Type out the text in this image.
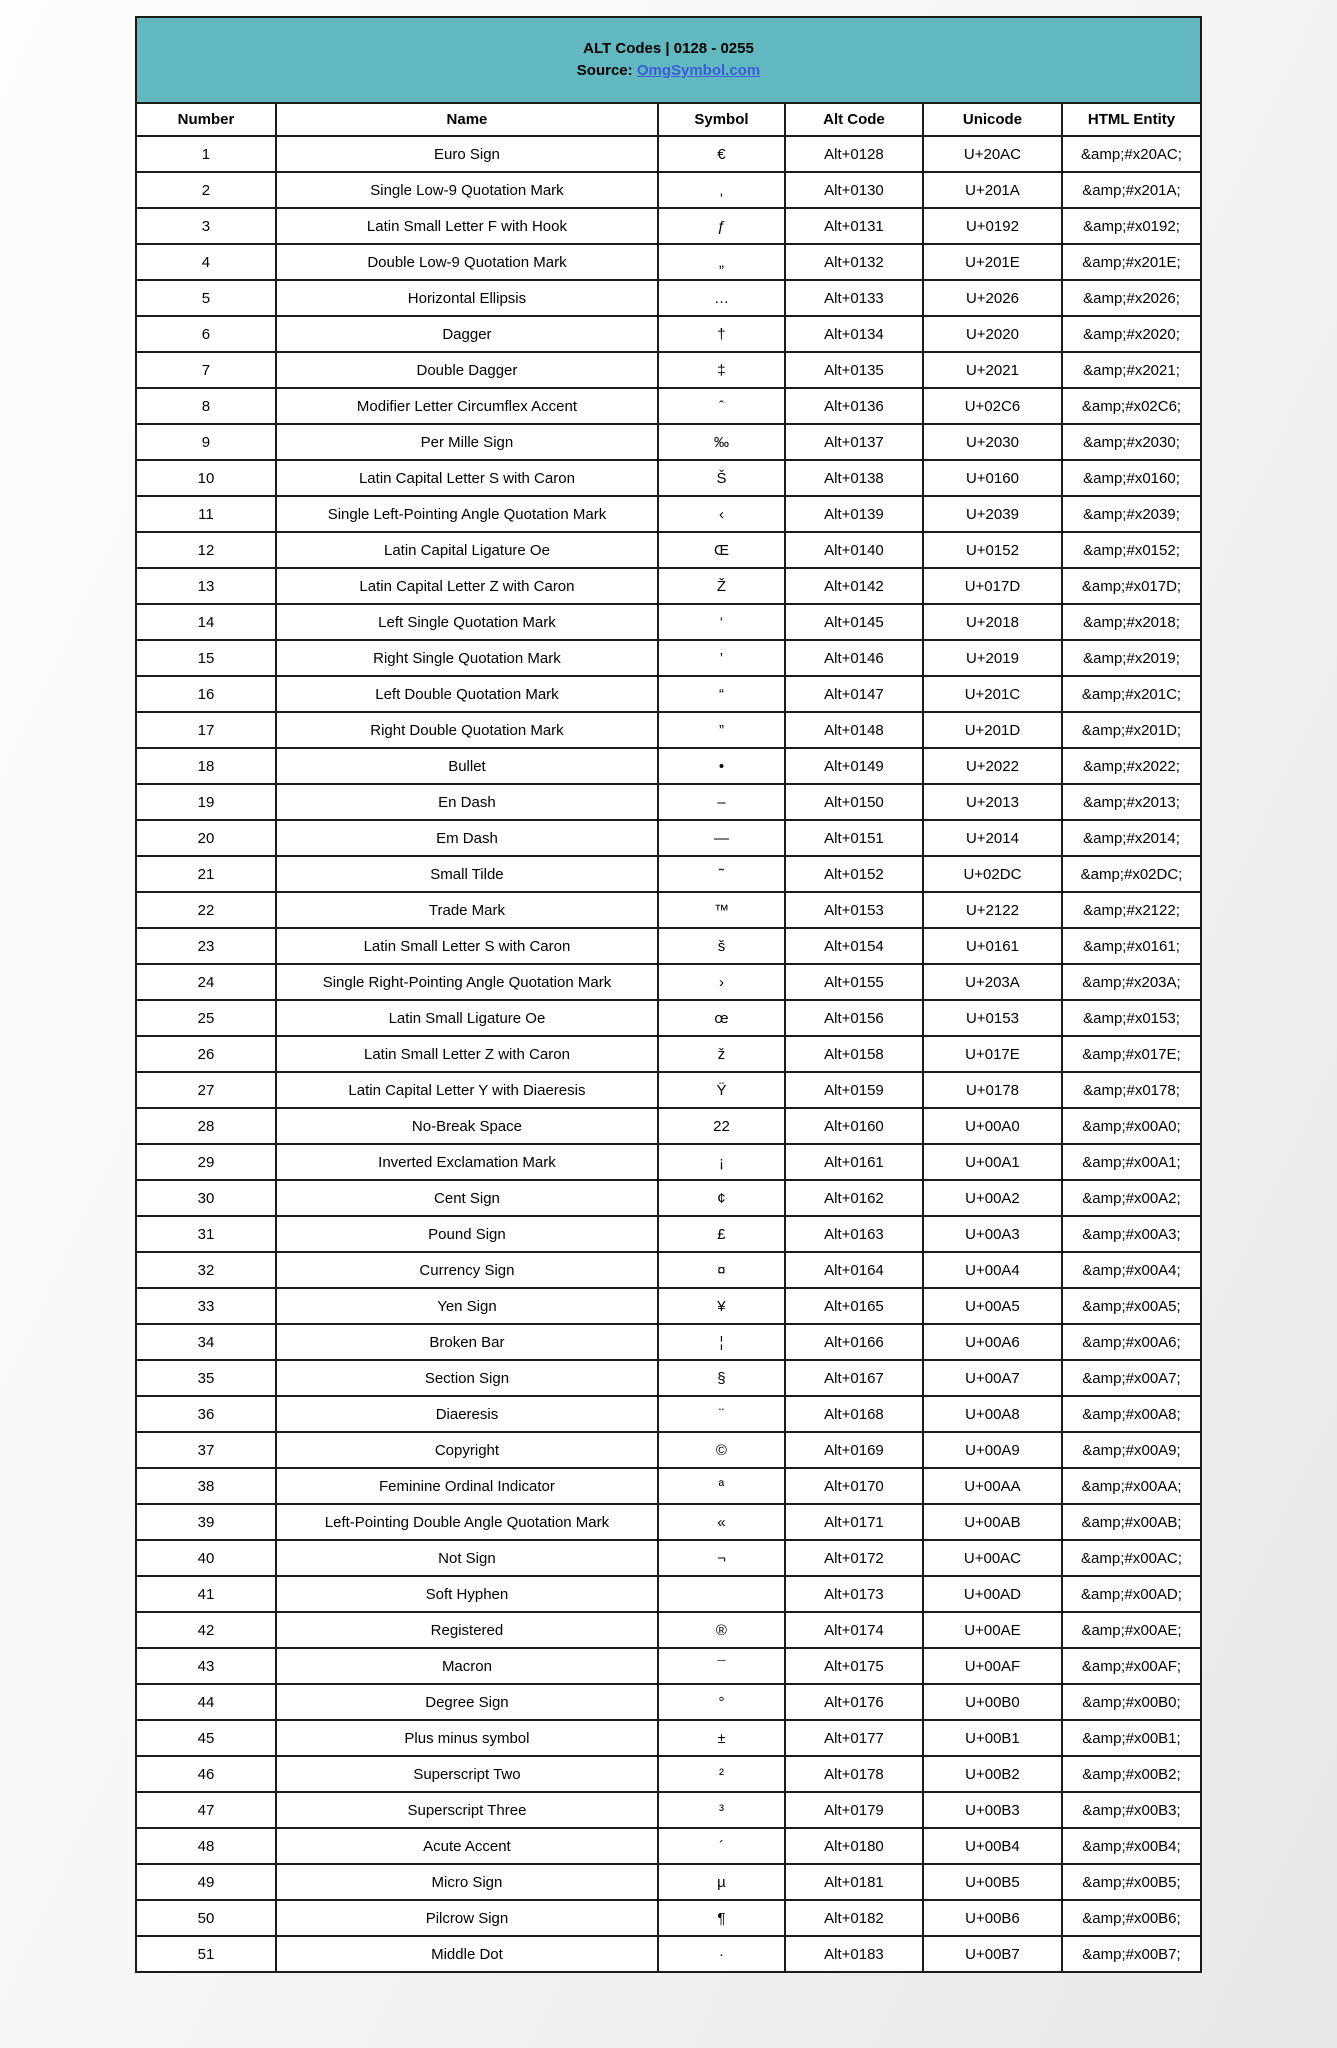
ALT Codes | 0128 - 0255
Source: OmgSymbol.com					

Number	Name	Symbol	Alt Code	Unicode	HTML Entity
1	Euro Sign	€	Alt+0128	U+20AC	&amp;#x20AC;
2	Single Low-9 Quotation Mark	‚	Alt+0130	U+201A	&amp;#x201A;
3	Latin Small Letter F with Hook	ƒ	Alt+0131	U+0192	&amp;#x0192;
4	Double Low-9 Quotation Mark	„	Alt+0132	U+201E	&amp;#x201E;
5	Horizontal Ellipsis	…	Alt+0133	U+2026	&amp;#x2026;
6	Dagger	†	Alt+0134	U+2020	&amp;#x2020;
7	Double Dagger	‡	Alt+0135	U+2021	&amp;#x2021;
8	Modifier Letter Circumflex Accent	ˆ	Alt+0136	U+02C6	&amp;#x02C6;
9	Per Mille Sign	‰	Alt+0137	U+2030	&amp;#x2030;
10	Latin Capital Letter S with Caron	Š	Alt+0138	U+0160	&amp;#x0160;
11	Single Left-Pointing Angle Quotation Mark	‹	Alt+0139	U+2039	&amp;#x2039;
12	Latin Capital Ligature Oe	Œ	Alt+0140	U+0152	&amp;#x0152;
13	Latin Capital Letter Z with Caron	Ž	Alt+0142	U+017D	&amp;#x017D;
14	Left Single Quotation Mark	‘	Alt+0145	U+2018	&amp;#x2018;
15	Right Single Quotation Mark	’	Alt+0146	U+2019	&amp;#x2019;
16	Left Double Quotation Mark	“	Alt+0147	U+201C	&amp;#x201C;
17	Right Double Quotation Mark	”	Alt+0148	U+201D	&amp;#x201D;
18	Bullet	•	Alt+0149	U+2022	&amp;#x2022;
19	En Dash	–	Alt+0150	U+2013	&amp;#x2013;
20	Em Dash	—	Alt+0151	U+2014	&amp;#x2014;
21	Small Tilde	˜	Alt+0152	U+02DC	&amp;#x02DC;
22	Trade Mark	™	Alt+0153	U+2122	&amp;#x2122;
23	Latin Small Letter S with Caron	š	Alt+0154	U+0161	&amp;#x0161;
24	Single Right-Pointing Angle Quotation Mark	›	Alt+0155	U+203A	&amp;#x203A;
25	Latin Small Ligature Oe	œ	Alt+0156	U+0153	&amp;#x0153;
26	Latin Small Letter Z with Caron	ž	Alt+0158	U+017E	&amp;#x017E;
27	Latin Capital Letter Y with Diaeresis	Ÿ	Alt+0159	U+0178	&amp;#x0178;
28	No-Break Space	22	Alt+0160	U+00A0	&amp;#x00A0;
29	Inverted Exclamation Mark	¡	Alt+0161	U+00A1	&amp;#x00A1;
30	Cent Sign	¢	Alt+0162	U+00A2	&amp;#x00A2;
31	Pound Sign	£	Alt+0163	U+00A3	&amp;#x00A3;
32	Currency Sign	¤	Alt+0164	U+00A4	&amp;#x00A4;
33	Yen Sign	¥	Alt+0165	U+00A5	&amp;#x00A5;
34	Broken Bar	¦	Alt+0166	U+00A6	&amp;#x00A6;
35	Section Sign	§	Alt+0167	U+00A7	&amp;#x00A7;
36	Diaeresis	¨	Alt+0168	U+00A8	&amp;#x00A8;
37	Copyright	©	Alt+0169	U+00A9	&amp;#x00A9;
38	Feminine Ordinal Indicator	ª	Alt+0170	U+00AA	&amp;#x00AA;
39	Left-Pointing Double Angle Quotation Mark	«	Alt+0171	U+00AB	&amp;#x00AB;
40	Not Sign	¬	Alt+0172	U+00AC	&amp;#x00AC;
41	Soft Hyphen		Alt+0173	U+00AD	&amp;#x00AD;
42	Registered	®	Alt+0174	U+00AE	&amp;#x00AE;
43	Macron	¯	Alt+0175	U+00AF	&amp;#x00AF;
44	Degree Sign	°	Alt+0176	U+00B0	&amp;#x00B0;
45	Plus minus symbol	±	Alt+0177	U+00B1	&amp;#x00B1;
46	Superscript Two	²	Alt+0178	U+00B2	&amp;#x00B2;
47	Superscript Three	³	Alt+0179	U+00B3	&amp;#x00B3;
48	Acute Accent	´	Alt+0180	U+00B4	&amp;#x00B4;
49	Micro Sign	µ	Alt+0181	U+00B5	&amp;#x00B5;
50	Pilcrow Sign	¶	Alt+0182	U+00B6	&amp;#x00B6;
51	Middle Dot	·	Alt+0183	U+00B7	&amp;#x00B7;
